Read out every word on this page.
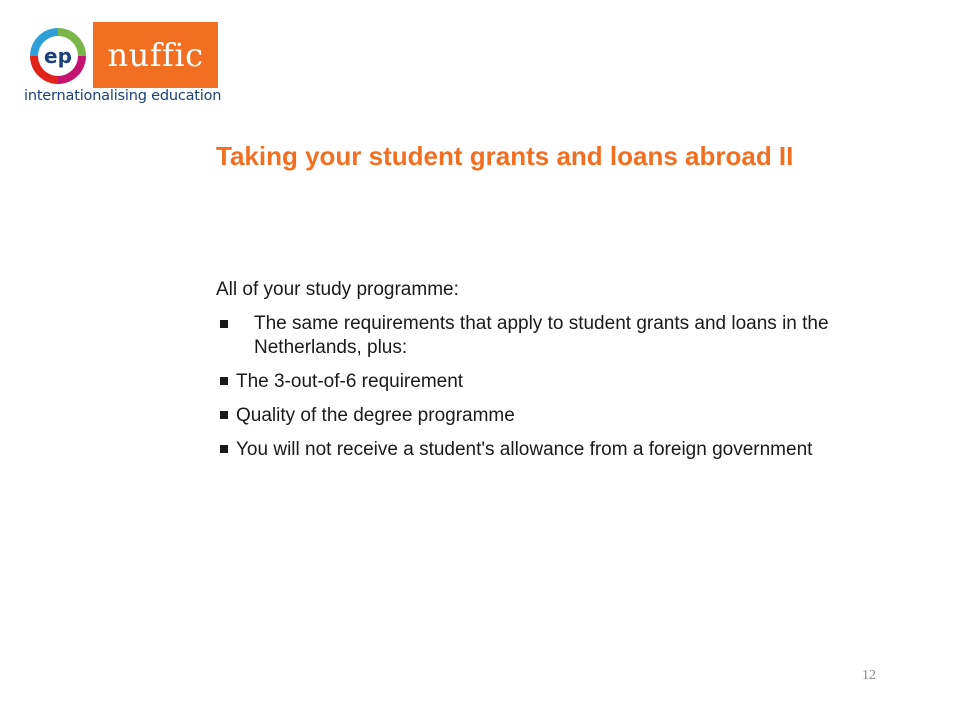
ep	nuffic
internationalising education
Taking your student grants and loans abroad II

All of your study programme:

The same requirements that apply to student grants and loans in the Netherlands, plus:
The 3-out-of-6 requirement
Quality of the degree programme
You will not receive a student's allowance from a foreign government
12
